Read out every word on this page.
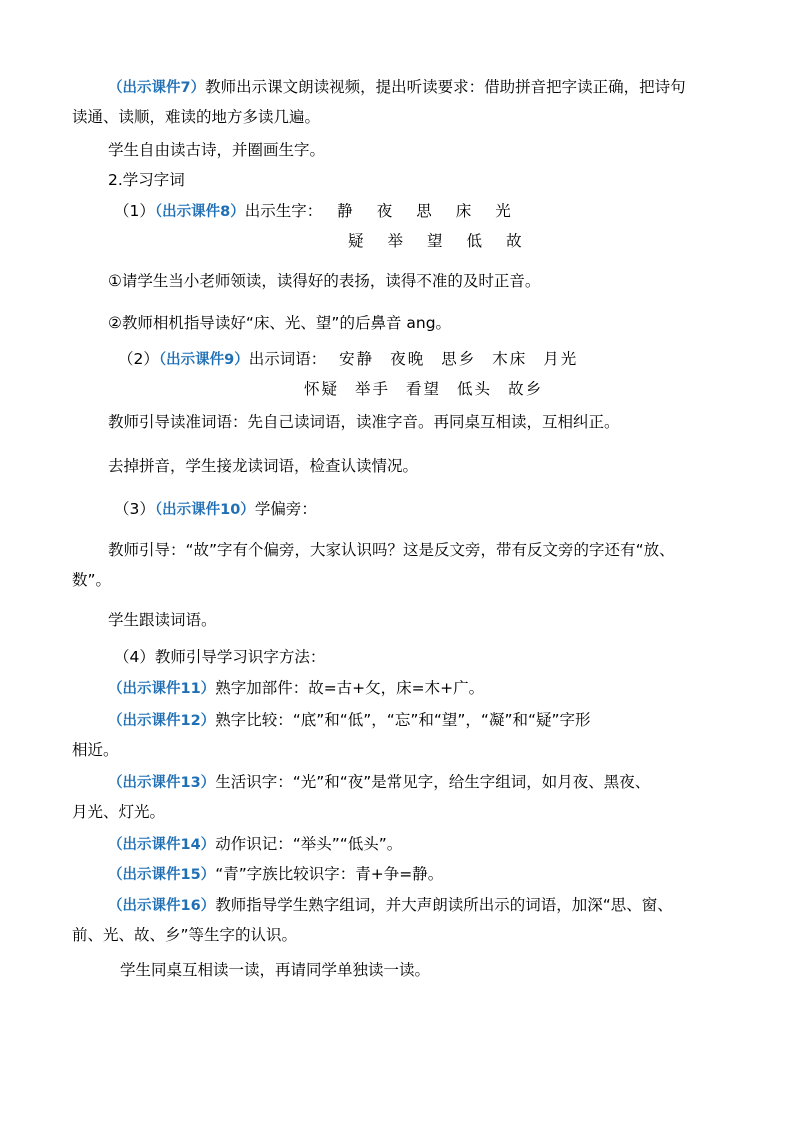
（出示课件7）教师出示课文朗读视频，提出听读要求：借助拼音把字读正确，把诗句
读通、读顺，难读的地方多读几遍。
学生自由读古诗，并圈画生字。
2.学习字词
（1）（出示课件8）出示生字： 静 夜 思 床 光
疑 举 望 低 故
①请学生当小老师领读，读得好的表扬，读得不准的及时正音。
②教师相机指导读好“床、光、望”的后鼻音 ang。
（2）（出示课件9）出示词语： 安静 夜晚 思乡 木床 月光
怀疑 举手 看望 低头 故乡
教师引导读准词语：先自己读词语，读准字音。再同桌互相读，互相纠正。
去掉拼音，学生接龙读词语，检查认读情况。
（3）（出示课件10）学偏旁：
教师引导：“故”字有个偏旁，大家认识吗？这是反文旁，带有反文旁的字还有“放、
数”。
学生跟读词语。
（4）教师引导学习识字方法：
（出示课件11）熟字加部件：故=古+攵，床=木+广。
（出示课件12）熟字比较：“底”和“低”，“忘”和“望”，“凝”和“疑”字形
相近。
（出示课件13）生活识字：“光”和“夜”是常见字，给生字组词，如月夜、黑夜、
月光、灯光。
（出示课件14）动作识记：“举头”“低头”。
（出示课件15）“青”字族比较识字：青+争=静。
（出示课件16）教师指导学生熟字组词，并大声朗读所出示的词语，加深“思、窗、
前、光、故、乡”等生字的认识。
学生同桌互相读一读，再请同学单独读一读。
